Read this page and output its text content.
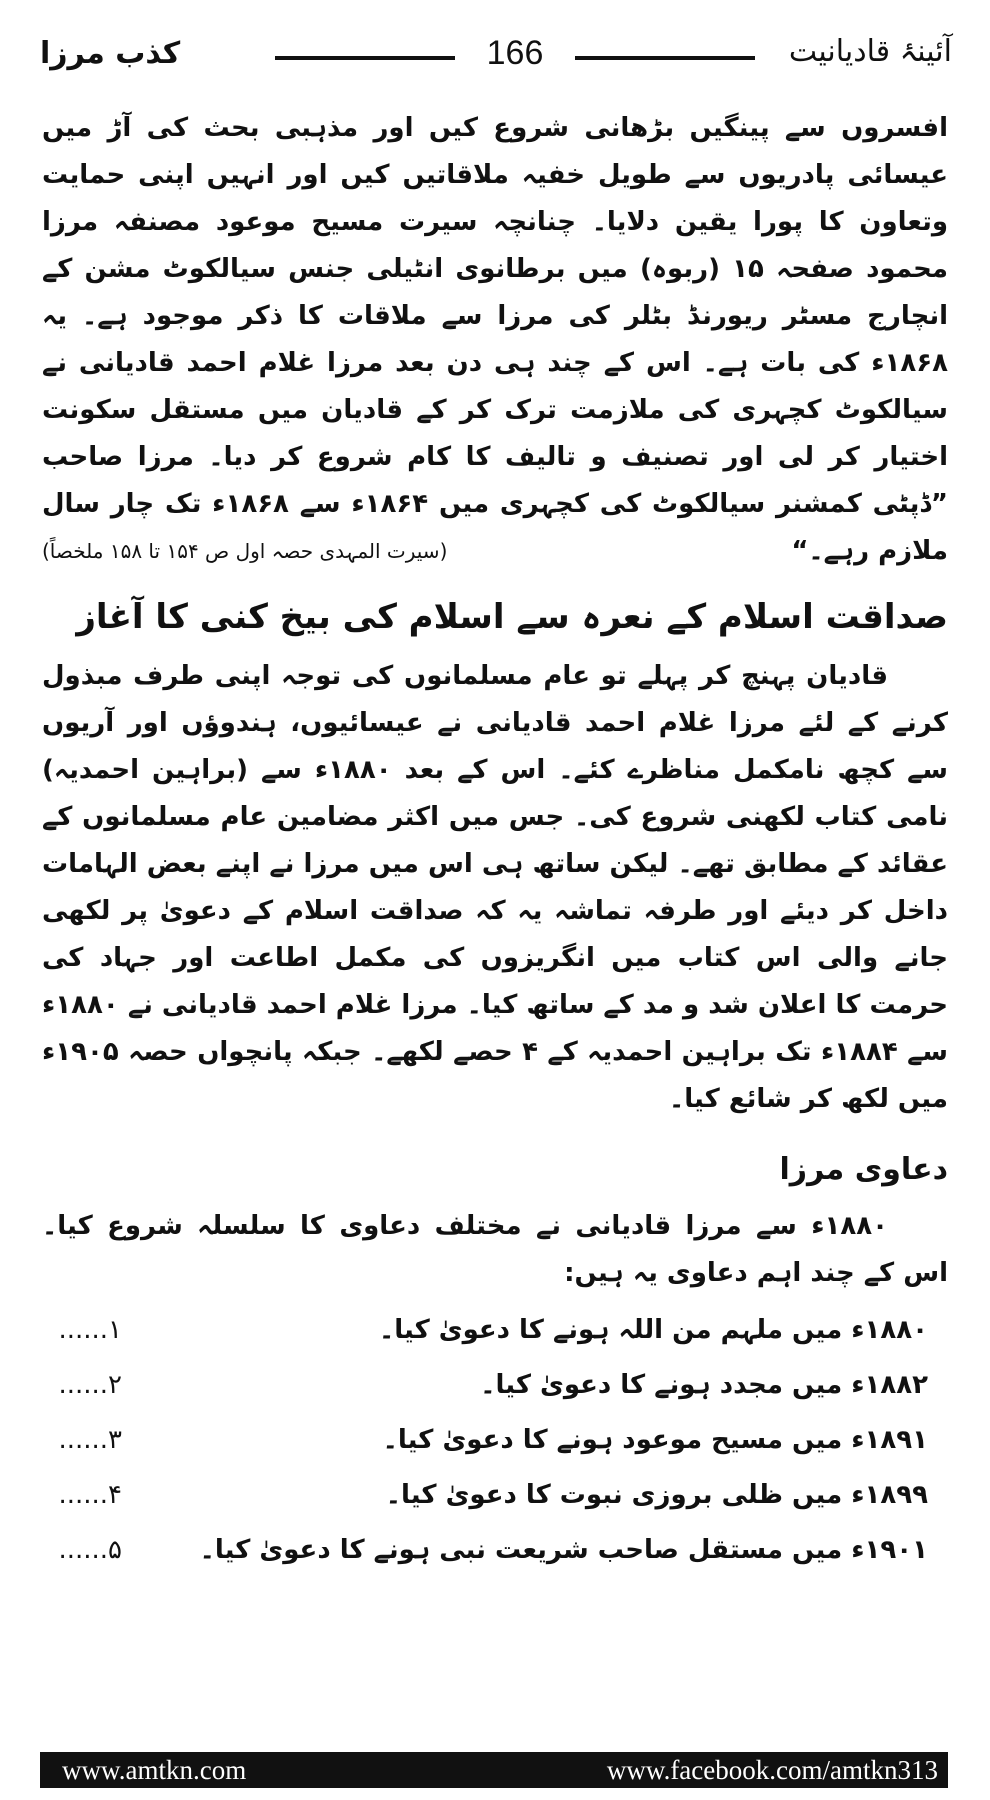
کذب مرزا	166	آئینۂ قادیانیت

افسروں سے پینگیں بڑھانی شروع کیں اور مذہبی بحث کی آڑ میں عیسائی پادریوں سے طویل خفیہ ملاقاتیں کیں اور انہیں اپنی حمایت وتعاون کا پورا یقین دلایا۔ چنانچہ سیرت مسیح موعود مصنفہ مرزا محمود صفحہ ۱۵ (ربوہ) میں برطانوی انٹیلی جنس سیالکوٹ مشن کے انچارج مسٹر ریورنڈ بٹلر کی مرزا سے ملاقات کا ذکر موجود ہے۔ یہ ۱۸۶۸ء کی بات ہے۔ اس کے چند ہی دن بعد مرزا غلام احمد قادیانی نے سیالکوٹ کچہری کی ملازمت ترک کر کے قادیان میں مستقل سکونت اختیار کر لی اور تصنیف و تالیف کا کام شروع کر دیا۔ مرزا صاحب ”ڈپٹی کمشنر سیالکوٹ کی کچہری میں ۱۸۶۴ء سے ۱۸۶۸ء تک چار سال ملازم رہے۔“

(سیرت المہدی حصہ اول ص ۱۵۴ تا ۱۵۸ ملخصاً)
صداقت اسلام کے نعرہ سے اسلام کی بیخ کنی کا آغاز

قادیان پہنچ کر پہلے تو عام مسلمانوں کی توجہ اپنی طرف مبذول کرنے کے لئے مرزا غلام احمد قادیانی نے عیسائیوں، ہندوؤں اور آریوں سے کچھ نامکمل مناظرے کئے۔ اس کے بعد ۱۸۸۰ء سے (براہین احمدیہ) نامی کتاب لکھنی شروع کی۔ جس میں اکثر مضامین عام مسلمانوں کے عقائد کے مطابق تھے۔ لیکن ساتھ ہی اس میں مرزا نے اپنے بعض الہامات داخل کر دیئے اور طرفہ تماشہ یہ کہ صداقت اسلام کے دعویٰ پر لکھی جانے والی اس کتاب میں انگریزوں کی مکمل اطاعت اور جہاد کی حرمت کا اعلان شد و مد کے ساتھ کیا۔ مرزا غلام احمد قادیانی نے ۱۸۸۰ء سے ۱۸۸۴ء تک براہین احمدیہ کے ۴ حصے لکھے۔ جبکہ پانچواں حصہ ۱۹۰۵ء میں لکھ کر شائع کیا۔

دعاوی مرزا

۱۸۸۰ء سے مرزا قادیانی نے مختلف دعاوی کا سلسلہ شروع کیا۔ اس کے چند اہم دعاوی یہ ہیں:

۱۸۸۰ء میں ملہم من اللہ ہونے کا دعویٰ کیا۔
۱......
۱۸۸۲ء میں مجدد ہونے کا دعویٰ کیا۔
۲......
۱۸۹۱ء میں مسیح موعود ہونے کا دعویٰ کیا۔
۳......
۱۸۹۹ء میں ظلی بروزی نبوت کا دعویٰ کیا۔
۴......
۱۹۰۱ء میں مستقل صاحب شریعت نبی ہونے کا دعویٰ کیا۔
۵......
www.amtkn.com	www.facebook.com/amtkn313
